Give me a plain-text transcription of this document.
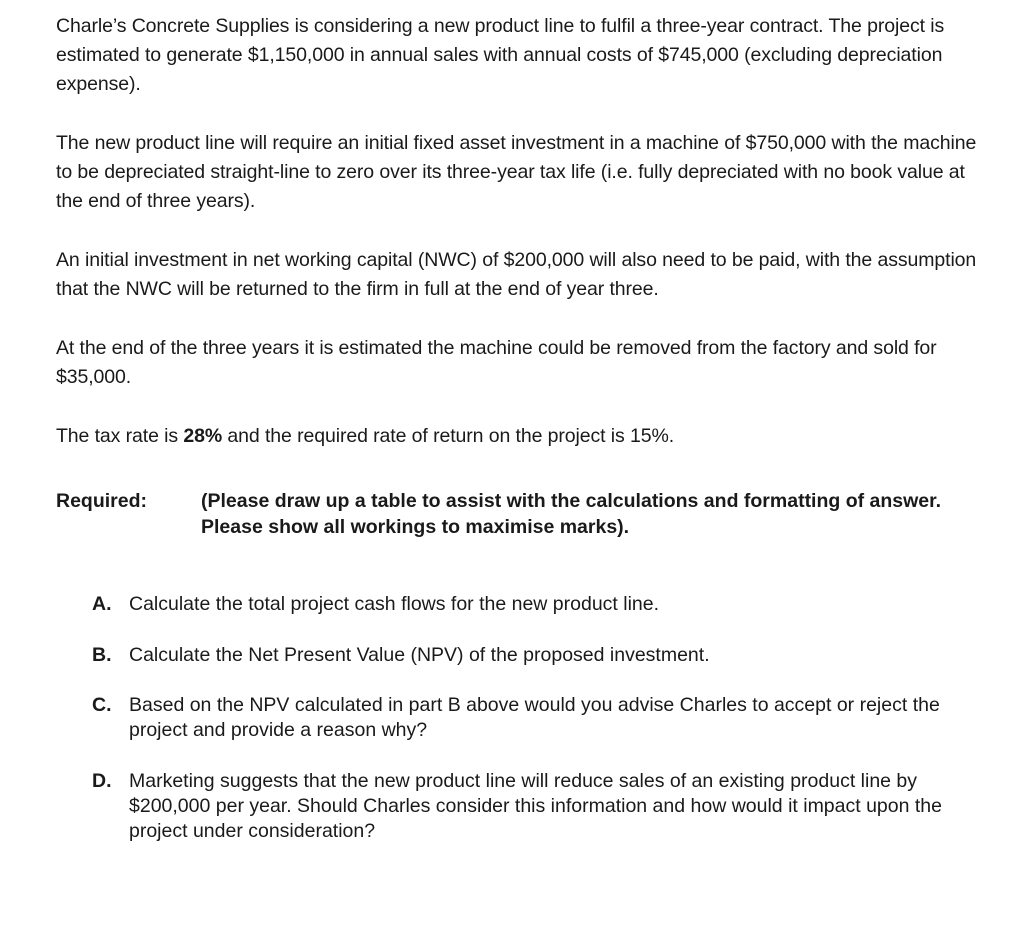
Charle’s Concrete Supplies is considering a new product line to fulfil a three-year contract. The project is estimated to generate $1,150,000 in annual sales with annual costs of $745,000 (excluding depreciation expense).

The new product line will require an initial fixed asset investment in a machine of $750,000 with the machine to be depreciated straight-line to zero over its three-year tax life (i.e. fully depreciated with no book value at the end of three years).

An initial investment in net working capital (NWC) of $200,000 will also need to be paid, with the assumption that the NWC will be returned to the firm in full at the end of year three.

At the end of the three years it is estimated the machine could be removed from the factory and sold for $35,000.

The tax rate is 28% and the required rate of return on the project is 15%.

Required:	(Please draw up a table to assist with the calculations and formatting of answer. Please show all workings to maximise marks).
A. Calculate the total project cash flows for the new product line.
B. Calculate the Net Present Value (NPV) of the proposed investment.
C. Based on the NPV calculated in part B above would you advise Charles to accept or reject the project and provide a reason why?
D. Marketing suggests that the new product line will reduce sales of an existing product line by $200,000 per year. Should Charles consider this information and how would it impact upon the project under consideration?
